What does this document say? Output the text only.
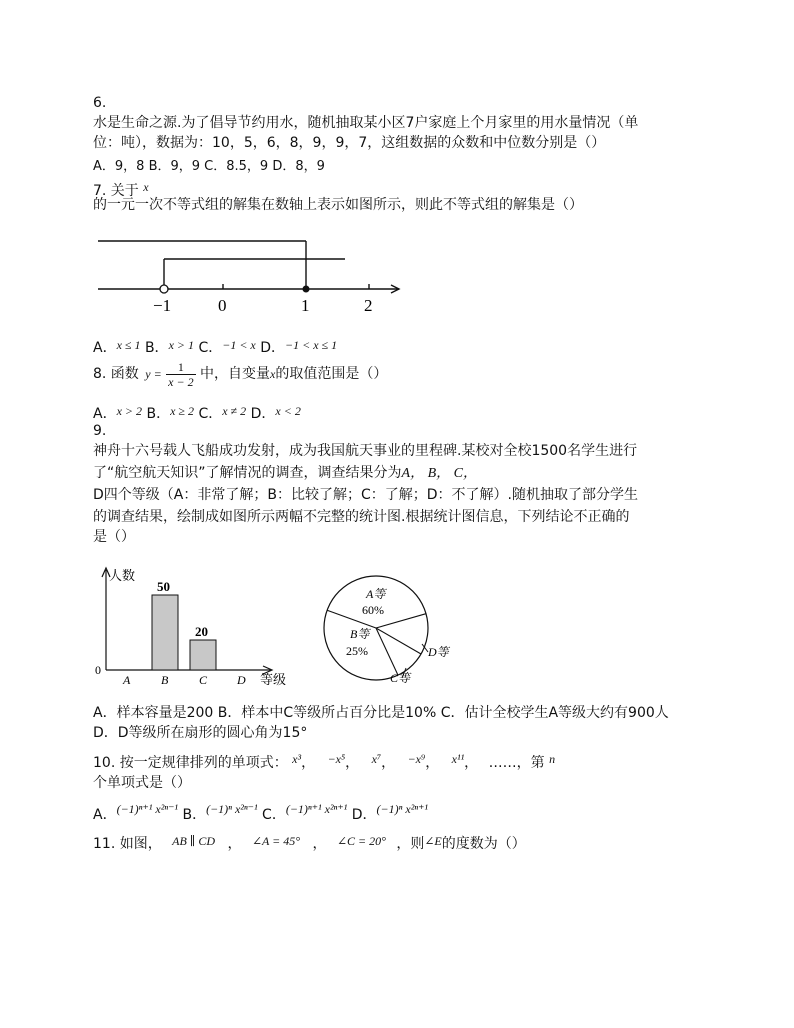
6.
水是生命之源.为了倡导节约用水，随机抽取某小区7户家庭上个月家里的用水量情况（单
位：吨），数据为：10，5，6，8，9，9，7，这组数据的众数和中位数分别是（）
A．9，8 B．9，9 C．8.5，9 D．8，9
7. 关于 x
的一元一次不等式组的解集在数轴上表示如图所示，则此不等式组的解集是（）
−1	0	1	2
A．x ≤ 1 B．x > 1 C．−1 < x D．−1 < x ≤ 1
8. 函数 $y = \frac{1}{x - 2}$ 中，自变量x的取值范围是（）
A．x > 2 B．x ≥ 2 C．x ≠ 2 D．x < 2
9.
神舟十六号载人飞船成功发射，成为我国航天事业的里程碑.某校对全校1500名学生进行
了“航空航天知识”了解情况的调查，调查结果分为A， B， C，
D四个等级（A：非常了解；B：比较了解；C：了解；D：不了解）.随机抽取了部分学生
的调查结果，绘制成如图所示两幅不完整的统计图.根据统计图信息，下列结论不正确的
是（）
A	B
50
C
20
D
人数
0
等级
A等
60%
B等
25%	D等
C等
A．样本容量是200 B．样本中C等级所占百分比是10% C．估计全校学生A等级大约有900人
D．D等级所在扇形的圆心角为15°
10. 按一定规律排列的单项式： x³， −x⁵， x⁷， −x⁹， x¹¹， ……，第 n
个单项式是（）
A．(−1)ⁿ⁺¹ x²ⁿ⁻¹ B．(−1)ⁿ x²ⁿ⁻¹ C．(−1)ⁿ⁺¹ x²ⁿ⁺¹ D．(−1)ⁿ x²ⁿ⁺¹
11. 如图， AB ∥ CD ， ∠A = 45° ， ∠C = 20° ，则∠E的度数为（）
